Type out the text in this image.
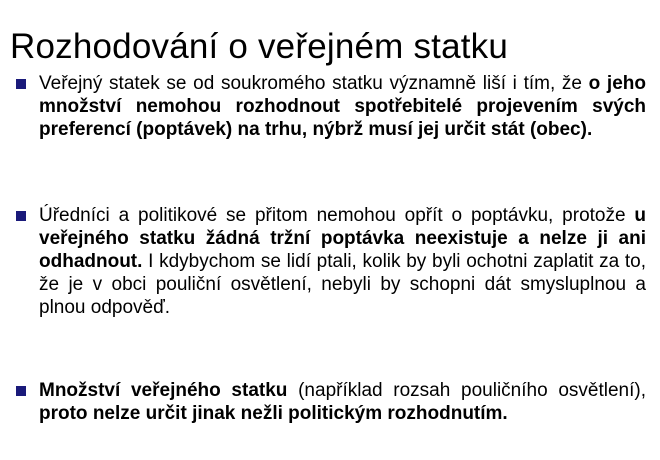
Rozhodování o veřejném statku
Veřejný statek se od soukromého statku významně liší i tím, že o jeho množství nemohou rozhodnout spotřebitelé projevením svých preferencí (poptávek) na trhu, nýbrž musí jej určit stát (obec).
Úředníci a politikové se přitom nemohou opřít o poptávku, protože u veřejného statku žádná tržní poptávka neexistuje a nelze ji ani odhadnout. I kdybychom se lidí ptali, kolik by byli ochotni zaplatit za to, že je v obci pouliční osvětlení, nebyli by schopni dát smysluplnou a plnou odpověď.
Množství veřejného statku (například rozsah pouličního osvětlení), proto nelze určit jinak nežli politickým rozhodnutím.
